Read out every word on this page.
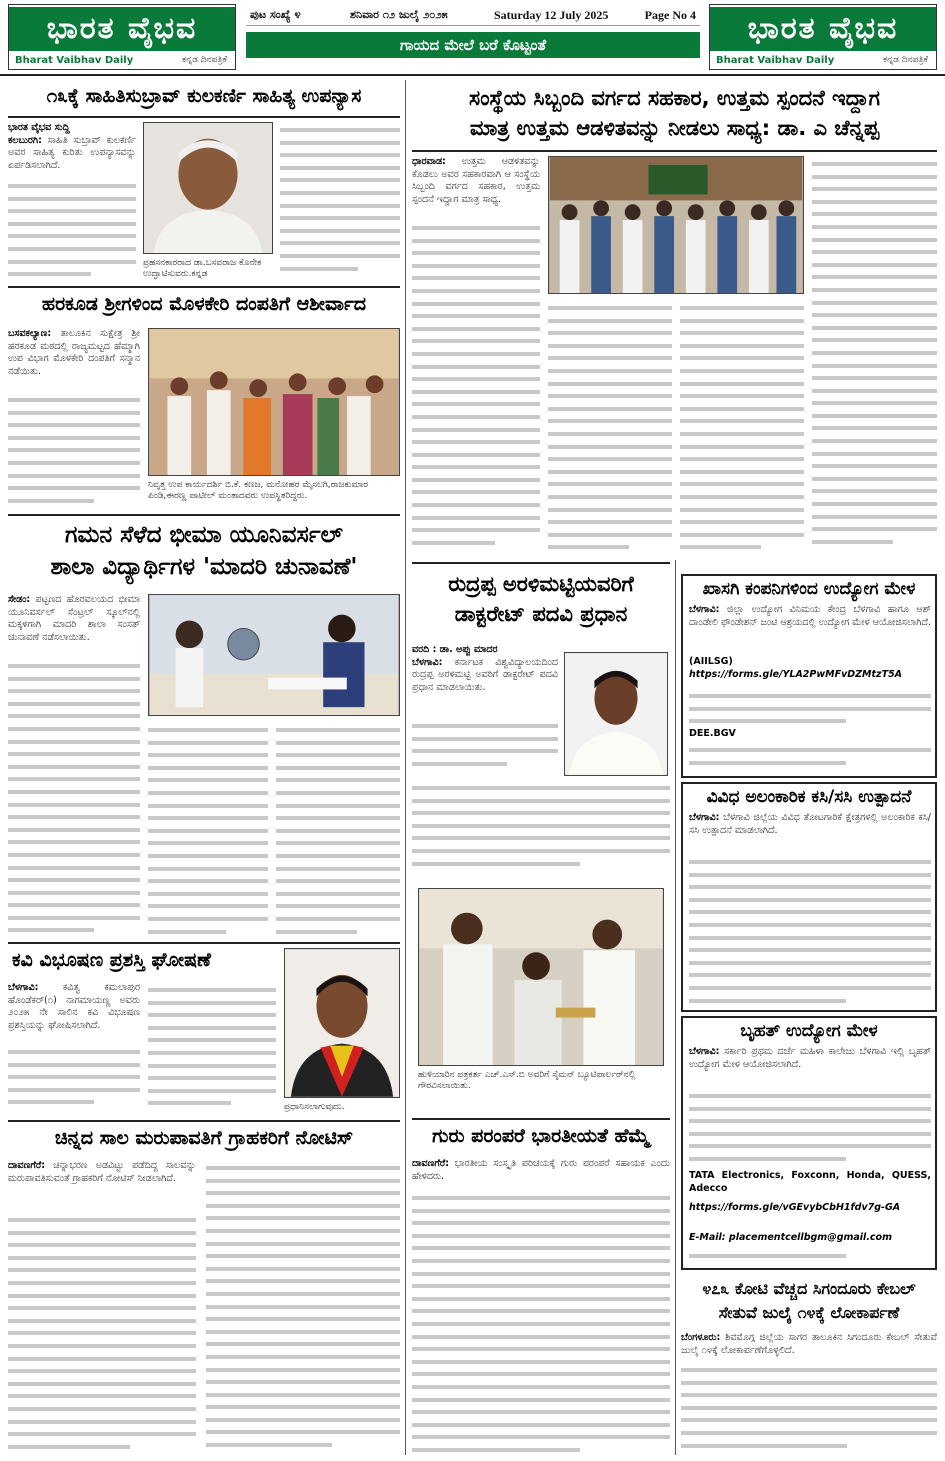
ಭಾರತ ವೈಭವ
Bharat Vaibhav Daily	ಕನ್ನಡ ದಿನಪತ್ರಿಕೆ
ಪುಟ ಸಂಖ್ಯೆ ೪	ಶನಿವಾರ ೧೨ ಜುಲೈ ೨೦೨೫	Saturday 12 July 2025	Page No 4
ಗಾಯದ ಮೇಲೆ ಬರೆ ಕೊಟ್ಟಂತೆ	ಭಾರತ ವೈಭವ
Bharat Vaibhav Daily	ಕನ್ನಡ ದಿನಪತ್ರಿಕೆ
೧೩ಕ್ಕೆ ಸಾಹಿತಿಸುಬ್ರಾವ್ ಕುಲಕರ್ಣಿ ಸಾಹಿತ್ಯ ಉಪನ್ಯಾಸ
ಭಾರತ ವೈಭವ ಸುದ್ದಿ
ಕಲಬುರಗಿ: ಸಾಹಿತಿ ಸುಬ್ರಾವ್ ಕುಲಕರ್ಣಿ ಅವರ ಸಾಹಿತ್ಯ ಕುರಿತು ಉಪನ್ಯಾಸವನ್ನು ಏರ್ಪಡಿಸಲಾಗಿದೆ.
ಪ್ರಹಸನಕಾರರಾದ ಡಾ.ಬಸವರಾಜ ಕೊನೇಕ ಉದ್ಘಾಟಿಸುವರು.ಕನ್ನಡ
ಹರಕೂಡ ಶ್ರೀಗಳಿಂದ ಮೊಳಕೇರಿ ದಂಪತಿಗೆ ಆಶೀರ್ವಾದ
ಬಸವಕಲ್ಯಾಣ: ತಾಲೂಕಿನ ಸುಕ್ಷೇತ್ರ ಶ್ರೀ ಹರಕೂಡ ಮಠದಲ್ಲಿ ರಾಜ್ಯಮಟ್ಟದ ಹೆಮ್ಮಾಗಿ ಉಪ ವಿಭಾಗ ಮೊಳಕೇರಿ ದಂಪತಿಗೆ ಸನ್ಮಾನ ನಡೆಯಿತು.
ನಿವೃತ್ತ ಉಪ ಕಾರ್ಯದರ್ಶಿ ಬಿ.ಕೆ. ಕಣಜ, ಮನೋಹರ ಮೈಸಲಗಿ,ರಾಜಕುಮಾರ ಪಿಂಡಿ,ಈರಣ್ಣ ಪಾಟೀಲ್ ಮಂತಾದವರು ಉಪಸ್ಥಿತರಿದ್ದರು.
ಗಮನ ಸೆಳೆದ ಭೀಮಾ ಯೂನಿವರ್ಸಲ್
ಶಾಲಾ ವಿದ್ಯಾರ್ಥಿಗಳ 'ಮಾದರಿ ಚುನಾವಣೆ'
ಸೇಡಂ: ಪಟ್ಟಣದ ಹೊರವಲಯದ ಭೀಮಾ ಯೂನಿವರ್ಸಲ್ ಸೆಂಟ್ರಲ್ ಸ್ಕೂಲ್‌ನಲ್ಲಿ ಮಕ್ಕಳಿಗಾಗಿ ಮಾದರಿ ಶಾಲಾ ಸಂಸತ್ ಚುನಾವಣೆ ನಡೆಸಲಾಯಿತು.
ಕವಿ ವಿಭೂಷಣ ಪ್ರಶಸ್ತಿ ಘೋಷಣೆ
ಬೆಳಗಾವಿ:	ಕವಿತ್ವ ಕಮಲಾಪುರ ಹೊಂಡೆಕರ್(೧) ನಾಗಮಾಯಣ್ಣ ಅವರು ೨೦೨೫ ನೇ ಸಾಲಿನ ಕವಿ ವಿಭೂಷಣ ಪ್ರಶಸ್ತಿಯನ್ನು ಘೋಷಿಸಲಾಗಿದೆ.
ಪ್ರಧಾನಿಸಲಾಗುವುದು.
ಚಿನ್ನದ ಸಾಲ ಮರುಪಾವತಿಗೆ ಗ್ರಾಹಕರಿಗೆ ನೋಟಿಸ್
ದಾವಣಗೆರೆ: ಚಿನ್ನಾಭರಣ ಅಡವಿಟ್ಟು ಪಡೆದಿದ್ದ ಸಾಲವನ್ನು ಮರುಪಾವತಿಸುವಂತೆ ಗ್ರಾಹಕರಿಗೆ ನೋಟಿಸ್ ನೀಡಲಾಗಿದೆ.
ಸಂಸ್ಥೆಯ ಸಿಬ್ಬಂದಿ ವರ್ಗದ ಸಹಕಾರ, ಉತ್ತಮ ಸ್ಪಂದನೆ ಇದ್ದಾಗ
ಮಾತ್ರ ಉತ್ತಮ ಆಡಳಿತವನ್ನು ನೀಡಲು ಸಾಧ್ಯ: ಡಾ. ಎ ಚೆನ್ನಪ್ಪ
ಧಾರವಾಡ: ಉತ್ತಮ ಆಡಳಿತವನ್ನು ಕೊಡಲು ಅವರ ಸಹಕಾರವಾಗಿ ಆ ಸಂಸ್ಥೆಯ ಸಿಬ್ಬಂದಿ ವರ್ಗದ ಸಹಕಾರ, ಉತ್ತಮ ಸ್ಪಂದನೆ ಇದ್ದಾಗ ಮಾತ್ರ ಸಾಧ್ಯ.
ರುದ್ರಪ್ಪ ಅರಳಿಮಟ್ಟಿಯವರಿಗೆ
ಡಾಕ್ಟರೇಟ್ ಪದವಿ ಪ್ರಧಾನ
ವರದಿ : ಡಾ. ಅಪ್ಪು ಮಾದರ
ಬೆಳಗಾವಿ: ಕರ್ನಾಟಕ ವಿಶ್ವವಿದ್ಯಾಲಯದಿಂದ ರುದ್ರಪ್ಪ ಅರಳಿಮಟ್ಟಿ ಅವರಿಗೆ ಡಾಕ್ಟರೇಟ್ ಪದವಿ ಪ್ರಧಾನ ಮಾಡಲಾಯಿತು.
ಹುಳಿಯಾರಿನ ಪತ್ರಕರ್ತ ಎಚ್.ಎಸ್.ಬಿ ಅವರಿಗೆ ಸೈಮನ್ ಬ್ಯೂಟಿಪಾರ್ಲರ್‌ನಲ್ಲಿ ಗೌರವಿಸಲಾಯಿತು.
ಗುರು ಪರಂಪರೆ ಭಾರತೀಯತೆ ಹೆಮ್ಮೆ
ದಾವಣಗೆರೆ: ಭಾರತೀಯ ಸಂಸ್ಕೃತಿ ಪರಿಚಯಕ್ಕೆ ಗುರು ಪರಂಪರೆ ಸಹಾಯಕ ಎಂದು ಹೇಳಿದರು.
ಖಾಸಗಿ ಕಂಪನಿಗಳಿಂದ ಉದ್ಯೋಗ ಮೇಳ
ಬೆಳಗಾವಿ: ಜಿಲ್ಲಾ ಉದ್ಯೋಗ ವಿನಿಮಯ ಕೇಂದ್ರ ಬೆಳಗಾವಿ ಹಾಗೂ ಆಶ್ ದಾಂಡೇಲಿ ಫೌಂಡೇಶನ್ ಜಂಟಿ ಆಶ್ರಯದಲ್ಲಿ ಉದ್ಯೋಗ ಮೇಳ ಆಯೋಜಿಸಲಾಗಿದೆ.
(AIILSG) https://forms.gle/YLA2PwMFvDZMtzT5A
DEE.BGV
ವಿವಿಧ ಅಲಂಕಾರಿಕ ಕಸಿ/ಸಸಿ ಉತ್ಪಾದನೆ
ಬೆಳಗಾವಿ: ಬೆಳಗಾವಿ ಜಿಲ್ಲೆಯ ವಿವಿಧ ತೋಟಗಾರಿಕೆ ಕ್ಷೇತ್ರಗಳಲ್ಲಿ ಅಲಂಕಾರಿಕ ಕಸಿ/ಸಸಿ ಉತ್ಪಾದನೆ ಮಾಡಲಾಗಿದೆ.
ಬೃಹತ್ ಉದ್ಯೋಗ ಮೇಳ
ಬೆಳಗಾವಿ: ಸರ್ಕಾರಿ ಪ್ರಥಮ ದರ್ಜೆ ಮಹಿಳಾ ಕಾಲೇಜು ಬೆಳಗಾವಿ ಇಲ್ಲಿ ಬೃಹತ್ ಉದ್ಯೋಗ ಮೇಳ ಆಯೋಜಿಸಲಾಗಿದೆ.
TATA Electronics, Foxconn, Honda, QUESS, Adecco
https://forms.gle/vGEvybCbH1fdv7g-GA
E-Mail: placementcellbgm@gmail.com
೪೭೩ ಕೋಟಿ ವೆಚ್ಚದ ಸಿಗಂದೂರು ಕೇಬಲ್
ಸೇತುವೆ ಜುಲೈ ೧೪ಕ್ಕೆ ಲೋಕಾರ್ಪಣೆ
ಬೆಂಗಳೂರು: ಶಿವಮೊಗ್ಗ ಜಿಲ್ಲೆಯ ಸಾಗರ ತಾಲೂಕಿನ ಸಿಗಂದೂರು ಕೇಬಲ್ ಸೇತುವೆ ಜುಲೈ ೧೪ಕ್ಕೆ ಲೋಕಾರ್ಪಣೆಗೊಳ್ಳಲಿದೆ.
